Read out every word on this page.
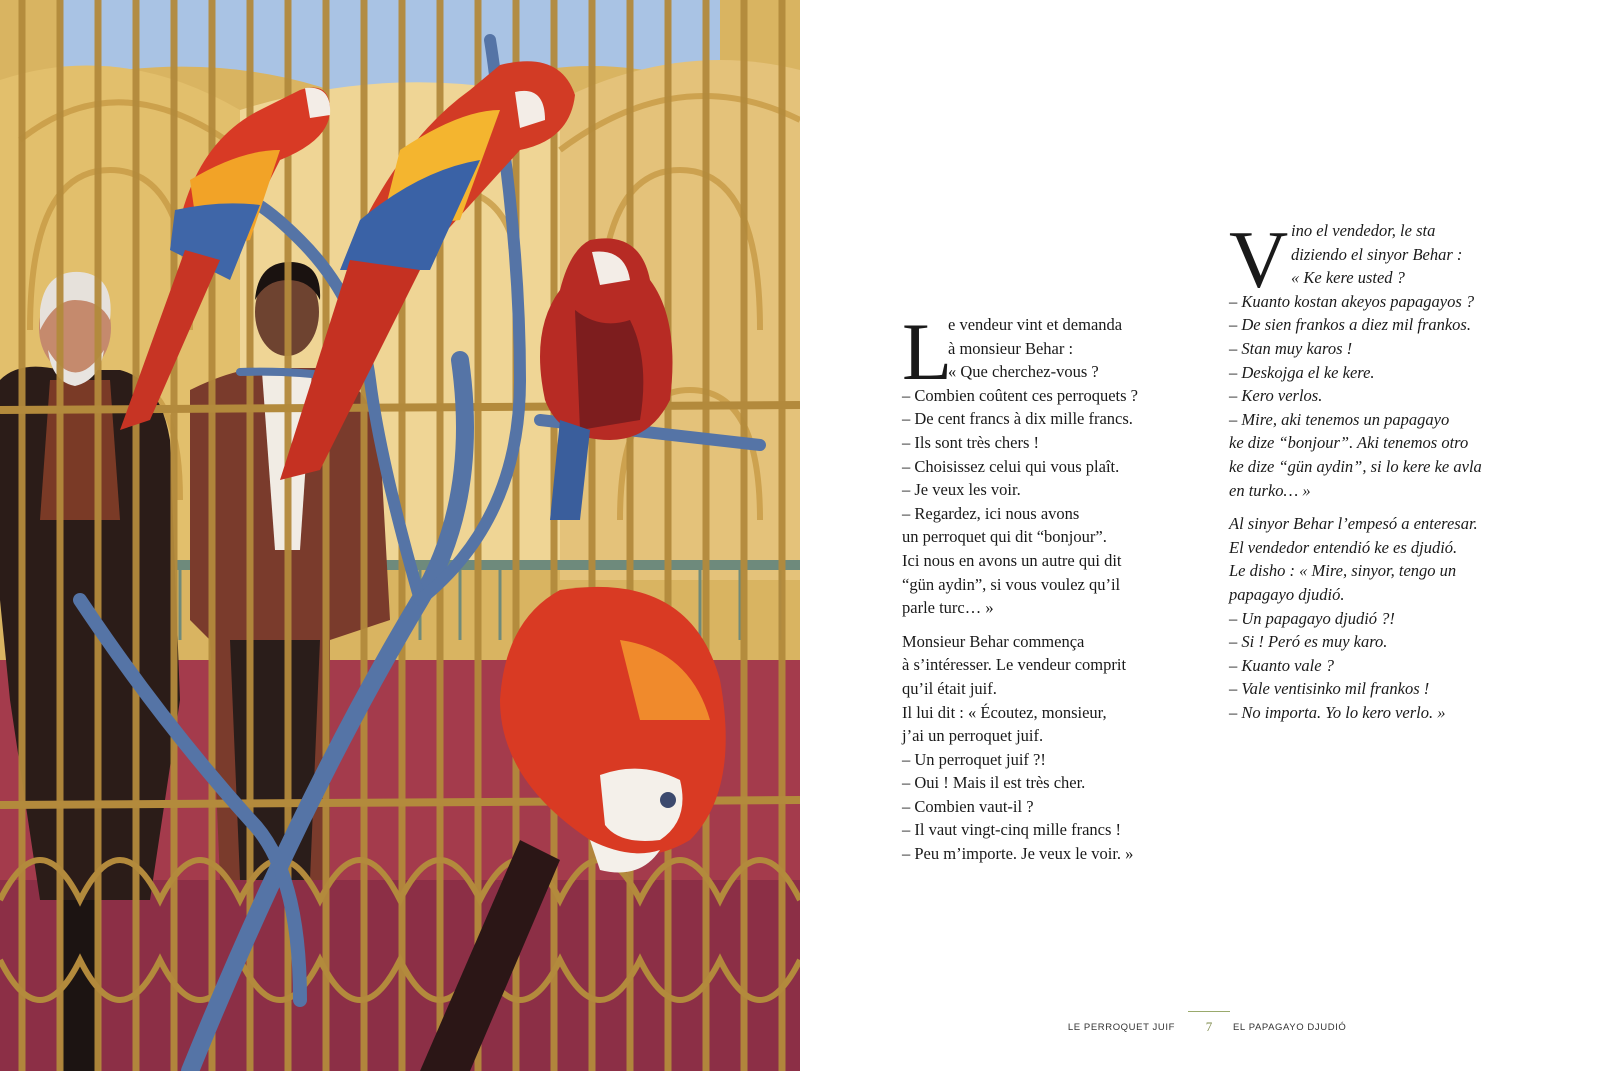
L

e vendeur vint et demanda
à monsieur Behar :
« Que cherchez-vous ?
– Combien coûtent ces perroquets ?
– De cent francs à dix mille francs.
– Ils sont très chers !
– Choisissez celui qui vous plaît.
– Je veux les voir.
– Regardez, ici nous avons
un perroquet qui dit “bonjour”.
Ici nous en avons un autre qui dit
“gün aydin”, si vous voulez qu’il
parle turc… »

Monsieur Behar commença
à s’intéresser. Le vendeur comprit
qu’il était juif.
Il lui dit : « Écoutez, monsieur,
j’ai un perroquet juif.
– Un perroquet juif ?!
– Oui ! Mais il est très cher.
– Combien vaut-il ?
– Il vaut vingt-cinq mille francs !
– Peu m’importe. Je veux le voir. »

V ino el vendedor, le sta
diziendo el sinyor Behar :
« Ke kere usted ?
– Kuanto kostan akeyos papagayos ?
– De sien frankos a diez mil frankos.
– Stan muy karos !
– Deskojga el ke kere.
– Kero verlos.
– Mire, aki tenemos un papagayo
ke dize “bonjour”. Aki tenemos otro
ke dize “gün aydin”, si lo kere ke avla
en turko… »

Al sinyor Behar l’empesó a enteresar.
El vendedor entendió ke es djudió.
Le disho : « Mire, sinyor, tengo un
papagayo djudió.
– Un papagayo djudió ?!
– Si ! Peró es muy karo.
– Kuanto vale ?
– Vale ventisinko mil frankos !
– No importa. Yo lo kero verlo. »

LE PERROQUET JUIF 7 EL PAPAGAYO DJUDIÓ
